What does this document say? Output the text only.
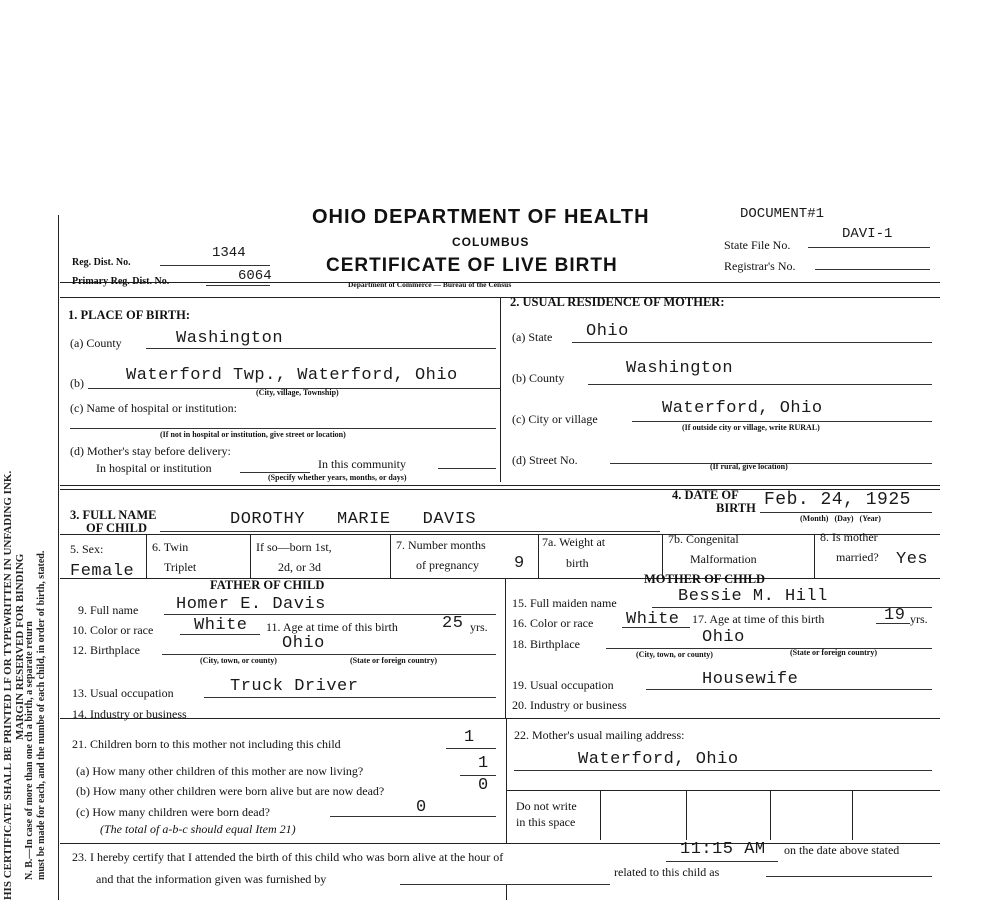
HIS CERTIFICATE SHALL BE PRINTED LF OR TYPEWRITTEN IN UNFADING INK. MARGIN RESERVED FOR BINDING
N. B.—In case of more than one ch a birth, a separate return must be made for each, and the numbe of each child, in order of birth, stated.
OHIO DEPARTMENT OF HEALTH
COLUMBUS
CERTIFICATE OF LIVE BIRTH
Department of Commerce — Bureau of the Census
DOCUMENT#1
State File No.
DAVI-1
Registrar's No.
Reg. Dist. No.
1344
Primary Reg. Dist. No.	6064
1. PLACE OF BIRTH:
(a) County	Washington
(b) Waterford Twp., Waterford, Ohio
(City, village, Township)
(c) Name of hospital or institution:
(If not in hospital or institution, give street or location)
(d) Mother's stay before delivery:
In hospital or institution	In this community
(Specify whether years, months, or days)
2. USUAL RESIDENCE OF MOTHER:
(a) State Ohio
(b) County	Washington
(c) City or village
Waterford, Ohio
(If outside city or village, write RURAL)
(d) Street No.	(If rural, give location)
3. FULL NAME
OF CHILD	DOROTHY   MARIE   DAVIS
4. DATE OF
BIRTH Feb. 24, 1925
(Month)   (Day)   (Year)
5. Sex:
Female
6. Twin
Triplet
If so—born 1st,
2d, or 3d
7. Number months
of pregnancy 9
7a. Weight at
birth
7b. Congenital
Malformation
8. Is mother
married? Yes
FATHER OF CHILD
9. Full name Homer E. Davis
10. Color or race White 11. Age at time of this birth	25 yrs.
12. Birthplace	Ohio
(City, town, or county)	(State or foreign country)
13. Usual occupation	Truck Driver
14. Industry or business
MOTHER OF CHILD
15. Full maiden name	Bessie M. Hill
16. Color or race White 17. Age at time of this birth	19 yrs.
18. Birthplace	Ohio
(City, town, or county)	(State or foreign country)
19. Usual occupation	Housewife
20. Industry or business
21. Children born to this mother not including this child	1
(a) How many other children of this mother are now living?	1
(b) How many other children were born alive but are now dead?	0
(c) How many children were born dead?	0
(The total of a-b-c should equal Item 21)
22. Mother's usual mailing address:
Waterford, Ohio
Do not write
in this space
23. I hereby certify that I attended the birth of this child who was born alive at the hour of	11:15 AM on the date above stated
and that the information given was furnished by	related to this child as
